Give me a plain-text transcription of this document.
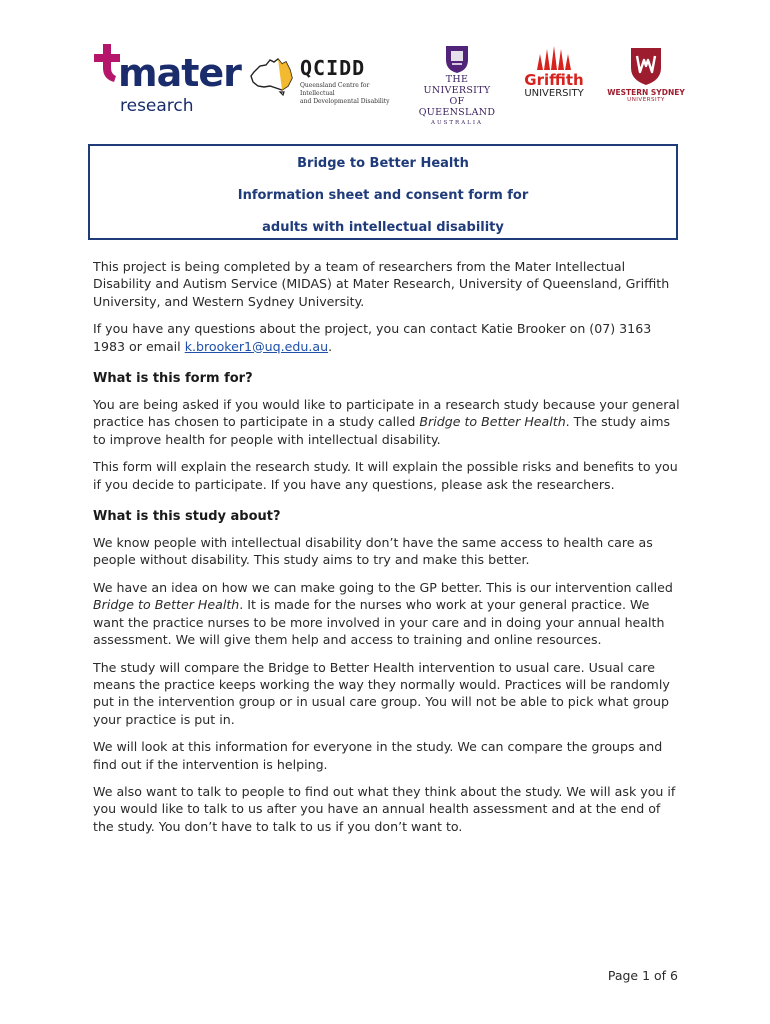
mater
research
QCIDD
Queensland Centre for Intellectual
and Developmental Disability
THE UNIVERSITY
OF QUEENSLAND
AUSTRALIA
Griffith
UNIVERSITY	WESTERN SYDNEY
UNIVERSITY
Bridge to Better Health
Information sheet and consent form for
adults with intellectual disability

This project is being completed by a team of researchers from the Mater Intellectual Disability and Autism Service (MIDAS) at Mater Research, University of Queensland, Griffith University, and Western Sydney University.

If you have any questions about the project, you can contact Katie Brooker on (07) 3163 1983 or email k.brooker1@uq.edu.au.

What is this form for?

You are being asked if you would like to participate in a research study because your general practice has chosen to participate in a study called Bridge to Better Health. The study aims to improve health for people with intellectual disability.

This form will explain the research study. It will explain the possible risks and benefits to you if you decide to participate. If you have any questions, please ask the researchers.

What is this study about?

We know people with intellectual disability don’t have the same access to health care as people without disability. This study aims to try and make this better.

We have an idea on how we can make going to the GP better. This is our intervention called Bridge to Better Health. It is made for the nurses who work at your general practice. We want the practice nurses to be more involved in your care and in doing your annual health assessment. We will give them help and access to training and online resources.

The study will compare the Bridge to Better Health intervention to usual care. Usual care means the practice keeps working the way they normally would. Practices will be randomly put in the intervention group or in usual care group. You will not be able to pick what group your practice is put in.

We will look at this information for everyone in the study. We can compare the groups and find out if the intervention is helping.

We also want to talk to people to find out what they think about the study. We will ask you if you would like to talk to us after you have an annual health assessment and at the end of the study. You don’t have to talk to us if you don’t want to.

Page 1 of 6
